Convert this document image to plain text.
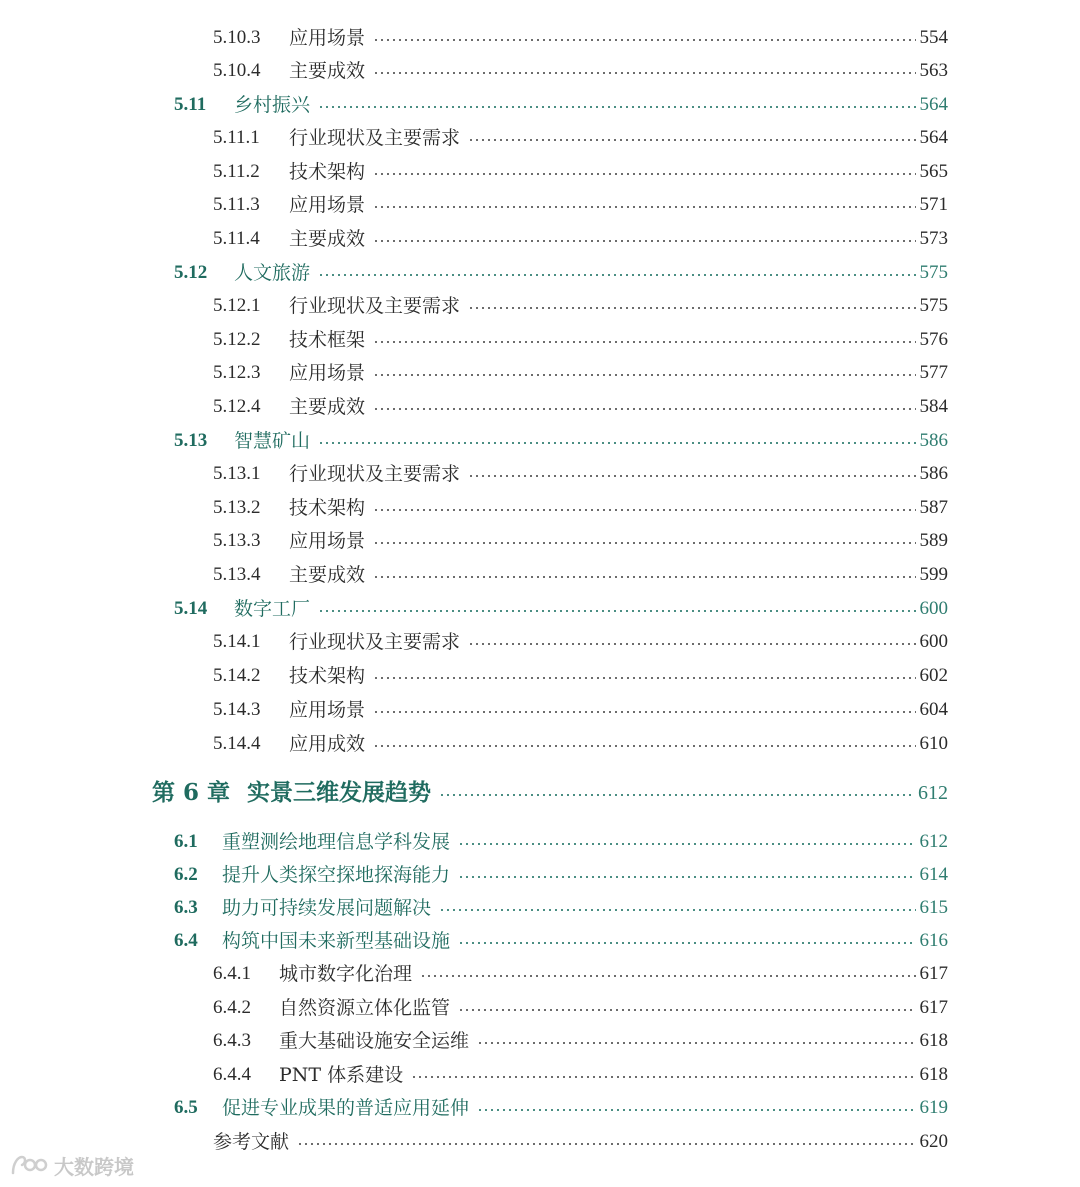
5.10.3	应用场景	554
5.10.4	主要成效	563
5.11	乡村振兴	564
5.11.1	行业现状及主要需求	564
5.11.2	技术架构	565
5.11.3	应用场景	571
5.11.4	主要成效	573
5.12	人文旅游	575
5.12.1	行业现状及主要需求	575
5.12.2	技术框架	576
5.12.3	应用场景	577
5.12.4	主要成效	584
5.13	智慧矿山	586
5.13.1	行业现状及主要需求	586
5.13.2	技术架构	587
5.13.3	应用场景	589
5.13.4	主要成效	599
5.14	数字工厂	600
5.14.1	行业现状及主要需求	600
5.14.2	技术架构	602
5.14.3	应用场景	604
5.14.4	应用成效	610
第 6 章 实景三维发展趋势	612
6.1	重塑测绘地理信息学科发展	612
6.2	提升人类探空探地探海能力	614
6.3	助力可持续发展问题解决	615
6.4	构筑中国未来新型基础设施	616
6.4.1	城市数字化治理	617
6.4.2	自然资源立体化监管	617
6.4.3	重大基础设施安全运维	618
6.4.4	PNT 体系建设	618
6.5	促进专业成果的普适应用延伸	619
参考文献	620
大数跨境
